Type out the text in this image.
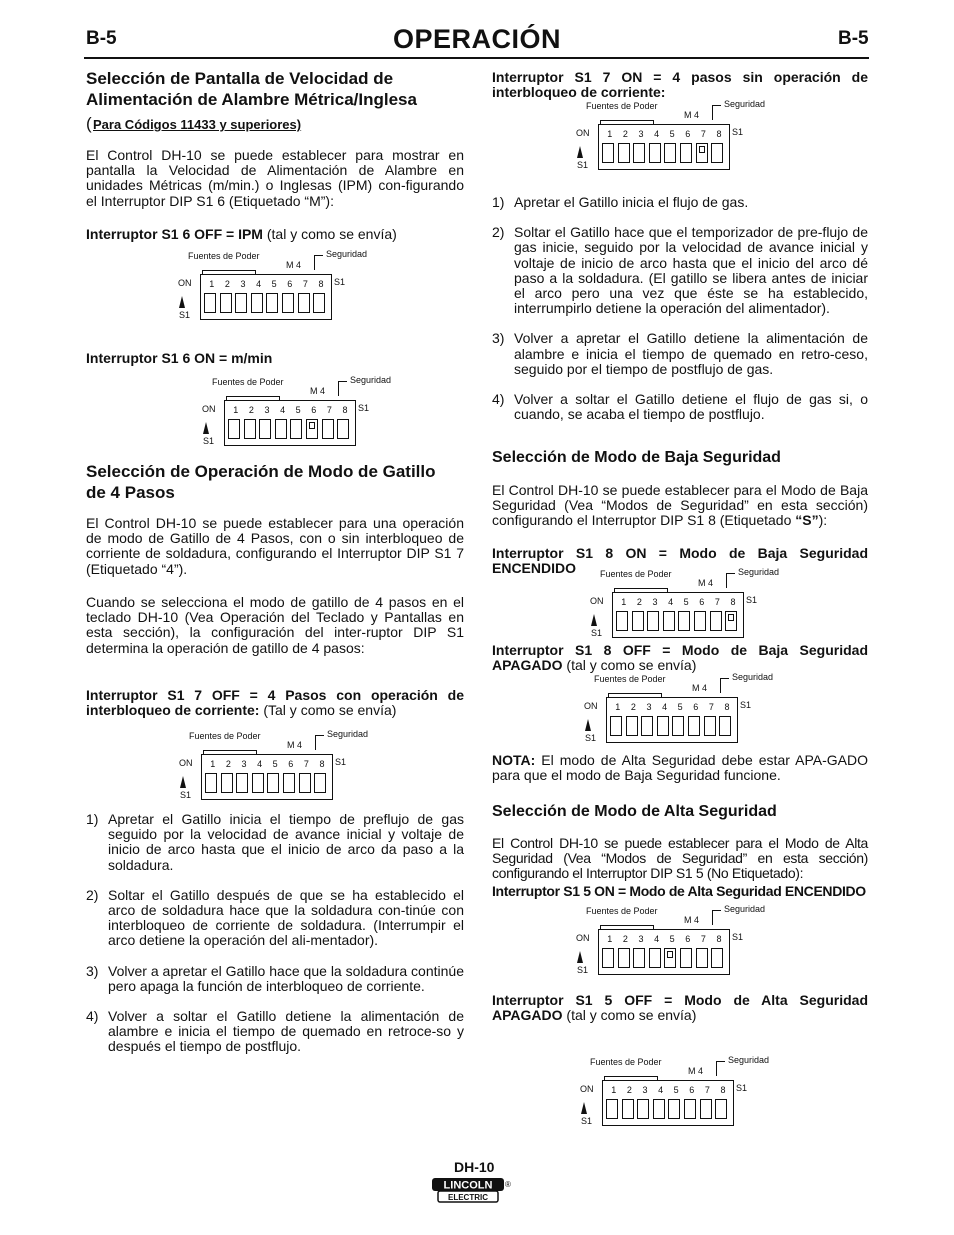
B-5	OPERACIÓN	B-5
Selección de Pantalla de Velocidad de Alimentación de Alambre Métrica/Inglesa
( Para Códigos 11433 y superiores)

El Control DH-10 se puede establecer para mostrar en pantalla la Velocidad de Alimentación de Alambre en unidades Métricas (m/min.) o Inglesas (IPM) con-figurando el Interruptor DIP S1 6 (Etiquetado “M”):

Interruptor S1 6 OFF = IPM (tal y como se envía)
Fuentes de Poder
M 4
Seguridad
ON
S1
S1
1	2	3	4	5	6	7	8
Interruptor S1 6 ON = m/min
Fuentes de Poder
M 4
Seguridad
ON
S1
S1
1	2	3	4	5	6	7	8
Selección de Operación de Modo de Gatillo de 4 Pasos

El Control DH-10 se puede establecer para una operación de modo de Gatillo de 4 Pasos, con o sin interbloqueo de corriente de soldadura, configurando el Interruptor DIP S1 7 (Etiquetado “4”).

Cuando se selecciona el modo de gatillo de 4 pasos en el teclado DH-10 (Vea Operación del Teclado y Pantallas en esta sección), la configuración del inter-ruptor DIP S1 determina la operación de gatillo de 4 pasos:

Interruptor S1 7 OFF = 4 Pasos con operación de interbloqueo de corriente: (Tal y como se envía)

Fuentes de Poder
M 4
Seguridad
ON
S1
S1
1	2	3	4	5	6	7	8
1) Apretar el Gatillo inicia el tiempo de preflujo de gas seguido por la velocidad de avance inicial y voltaje de inicio de arco hasta que el inicio de arco da paso a la soldadura.
2) Soltar el Gatillo después de que se ha establecido el arco de soldadura hace que la soldadura con-tinúe con interbloqueo de corriente de soldadura. (Interrumpir el arco detiene la operación del ali-mentador).
3) Volver a apretar el Gatillo hace que la soldadura continúe pero apaga la función de interbloqueo de corriente.
4) Volver a soltar el Gatillo detiene la alimentación de alambre e inicia el tiempo de quemado en retroce-so y después el tiempo de postflujo.

Interruptor S1 7 ON = 4 pasos sin operación de interbloqueo de corriente:

Fuentes de Poder
M 4
Seguridad
ON
S1
S1
1	2	3	4	5	6	7	8
1) Apretar el Gatillo inicia el flujo de gas.
2) Soltar el Gatillo hace que el temporizador de pre-flujo de gas inicie, seguido por la velocidad de avance inicial y voltaje de inicio de arco hasta que el inicio del arco dé paso a la soldadura. (El gatillo se libera antes de iniciar el arco pero una vez que éste se ha establecido, interrumpirlo detiene la operación del alimentador).
3) Volver a apretar el Gatillo detiene la alimentación de alambre e inicia el tiempo de quemado en retro-ceso, seguido por el tiempo de postflujo de gas.
4) Volver a soltar el Gatillo detiene el flujo de gas si, o cuando, se acaba el tiempo de postflujo.
Selección de Modo de Baja Seguridad

El Control DH-10 se puede establecer para el Modo de Baja Seguridad (Vea “Modos de Seguridad” en esta sección) configurando el Interruptor DIP S1 8 (Etiquetado “S”):

Interruptor S1 8 ON = Modo de Baja Seguridad ENCENDIDO	Fuentes de Poder
M 4
Seguridad
ON
S1
S1
1	2	3	4	5	6	7	8

Interruptor S1 8 OFF = Modo de Baja Seguridad APAGADO (tal y como se envía)

Fuentes de Poder
M 4
Seguridad
ON
S1
S1
1	2	3	4	5	6	7	8

NOTA: El modo de Alta Seguridad debe estar APA-GADO para que el modo de Baja Seguridad funcione.

Selección de Modo de Alta Seguridad

El Control DH-10 se puede establecer para el Modo de Alta Seguridad (Vea “Modos de Seguridad” en esta sección) configurando el Interruptor DIP S1 5 (No Etiquetado):

Interruptor S1 5 ON = Modo de Alta Seguridad ENCENDIDO
Fuentes de Poder
M 4
Seguridad
ON
S1
S1
1	2	3	4	5	6	7	8

Interruptor S1 5 OFF = Modo de Alta Seguridad APAGADO (tal y como se envía)

Fuentes de Poder
M 4
Seguridad
ON
S1
S1
1	2	3	4	5	6	7	8
DH-10
LINCOLN
ELECTRIC
®
